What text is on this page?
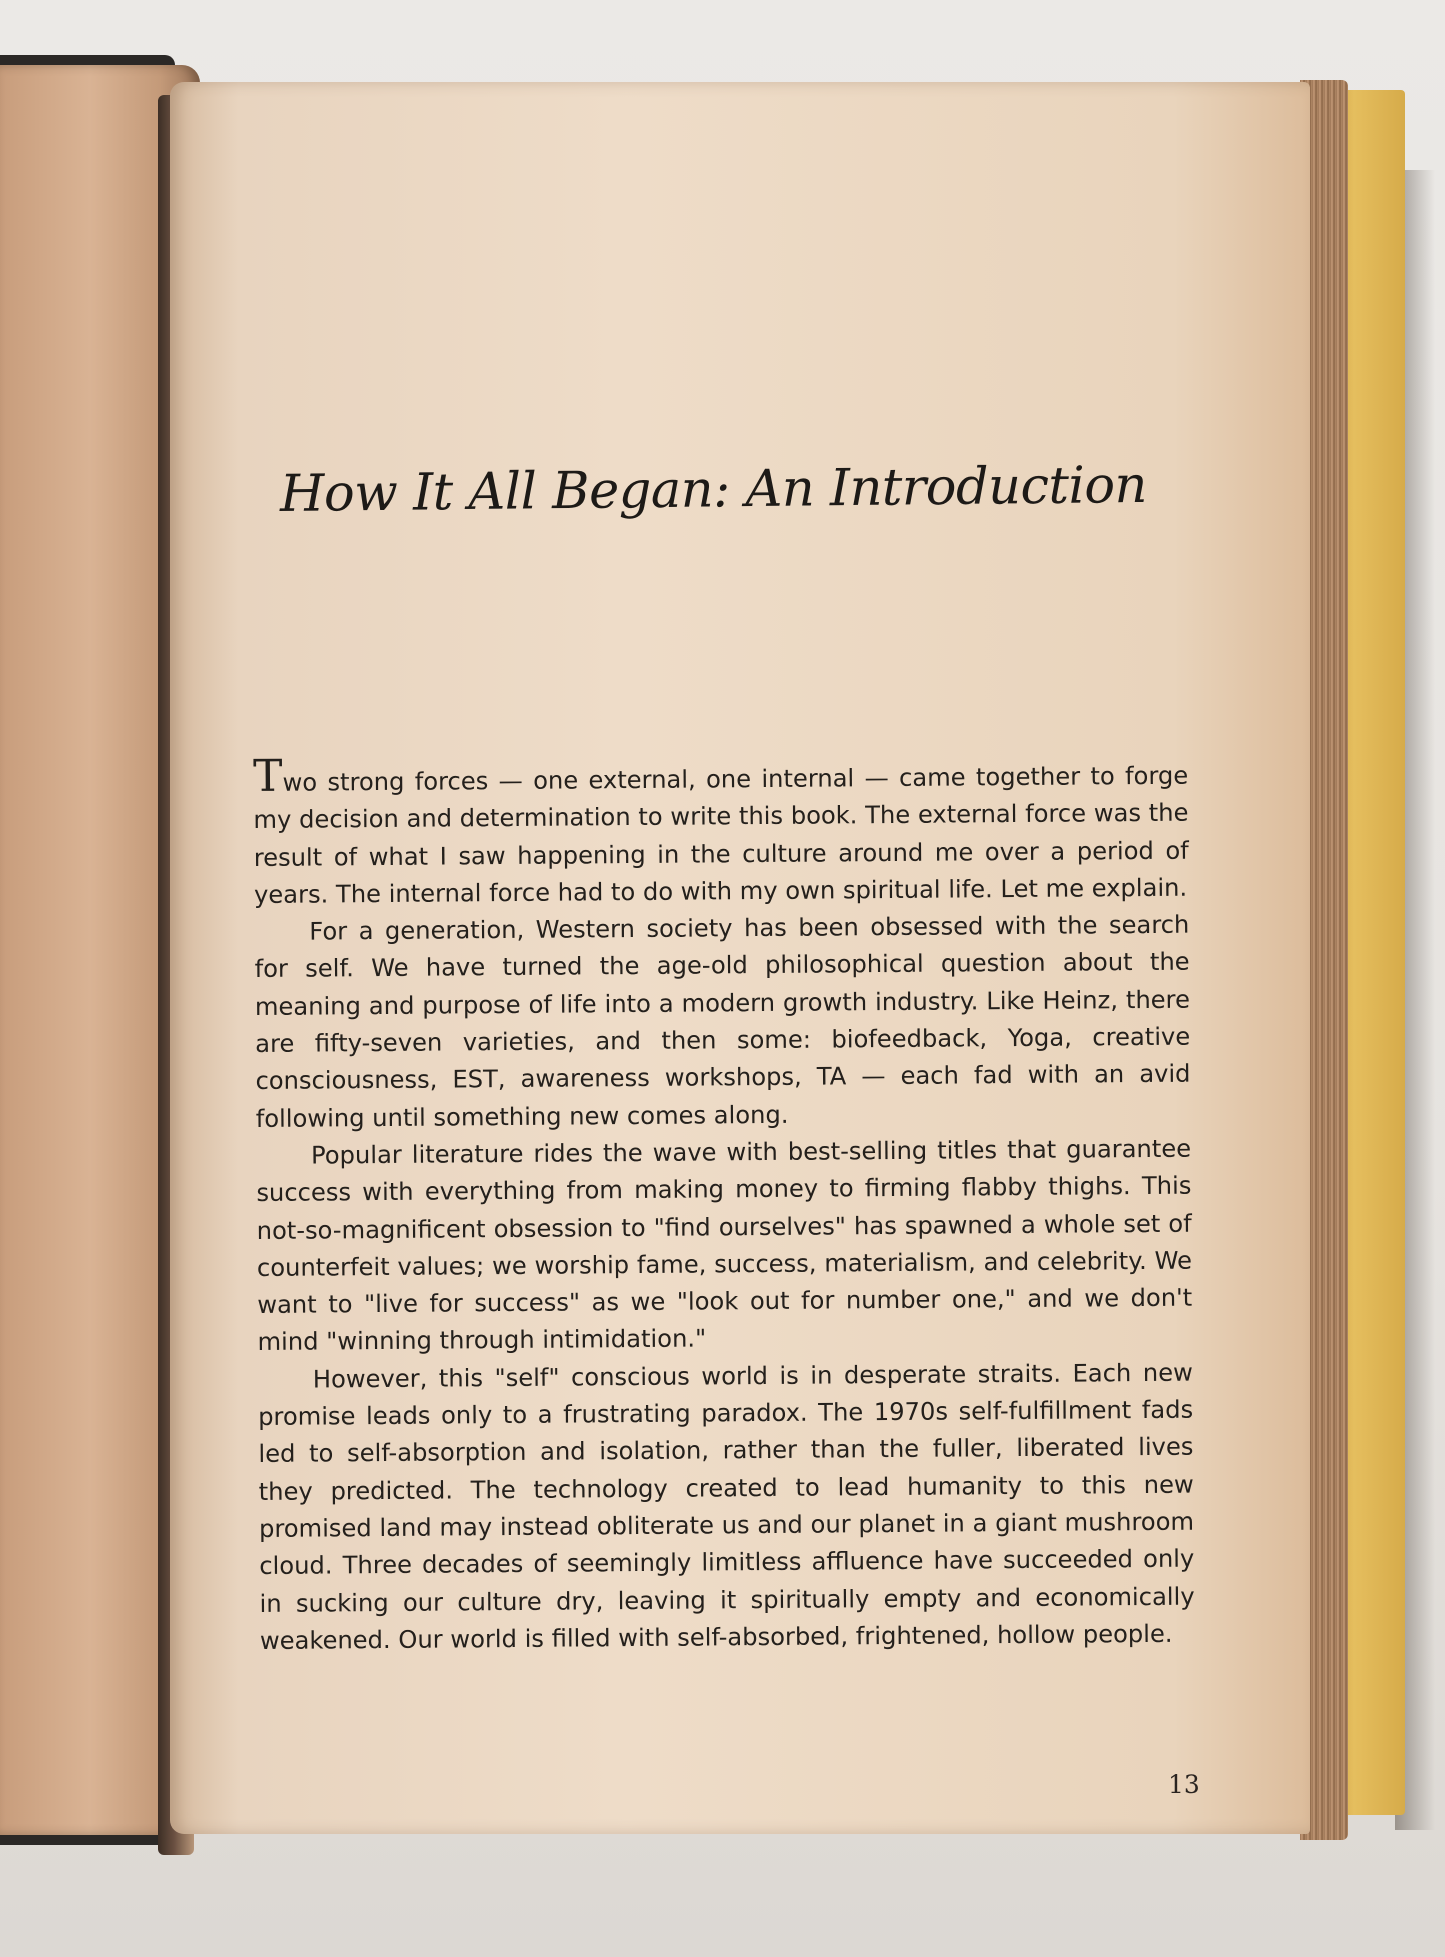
How It All Began: An Introduction

Two strong forces — one external, one internal — came together to forge my decision and determination to write this book. The external force was the result of what I saw happening in the culture around me over a period of years. The internal force had to do with my own spiritual life. Let me explain.

For a generation, Western society has been obsessed with the search for self. We have turned the age-old philosophical question about the meaning and purpose of life into a modern growth industry. Like Heinz, there are fifty-seven varieties, and then some: biofeedback, Yoga, creative consciousness, EST, awareness workshops, TA — each fad with an avid following until something new comes along.

Popular literature rides the wave with best-selling titles that guarantee success with everything from making money to firming flabby thighs. This not-so-magnificent obsession to "find ourselves" has spawned a whole set of counterfeit values; we worship fame, success, materialism, and celebrity. We want to "live for success" as we "look out for number one," and we don't mind "winning through intimidation."

However, this "self" conscious world is in desperate straits. Each new promise leads only to a frustrating paradox. The 1970s self-fulfillment fads led to self-absorption and isolation, rather than the fuller, liberated lives they predicted. The technology created to lead humanity to this new promised land may instead obliterate us and our planet in a giant mushroom cloud. Three decades of seemingly limitless affluence have succeeded only in sucking our culture dry, leaving it spiritually empty and economically weakened. Our world is filled with self-absorbed, frightened, hollow people.

13
